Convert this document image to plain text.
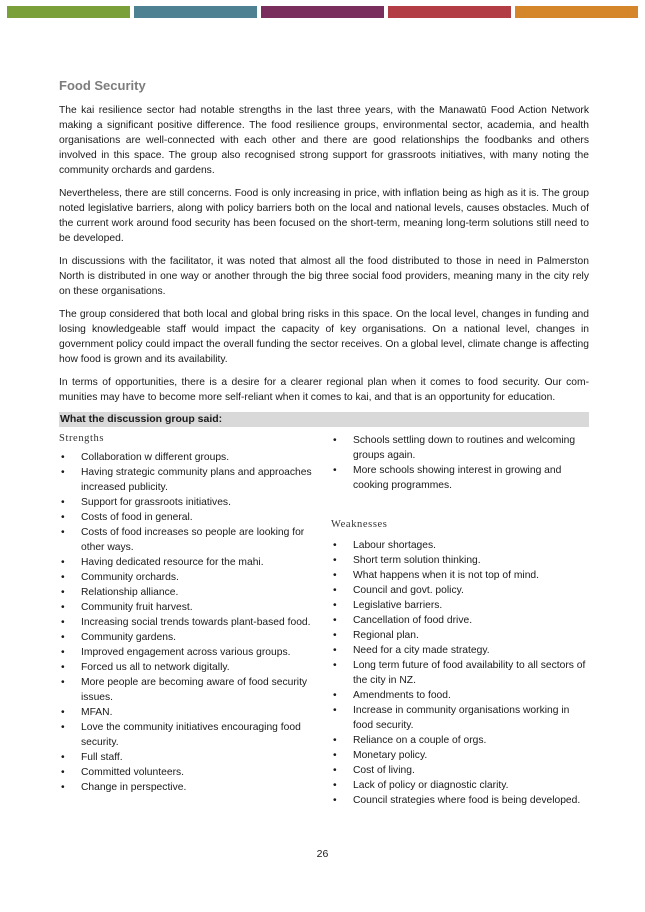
Food Security

The kai resilience sector had notable strengths in the last three years, with the Manawatū Food Action Network making a significant positive difference. The food resilience groups, environmental sector, academia, and health organisations are well-connected with each other and there are good relationships the foodbanks and others involved in this space. The group also recognised strong support for grassroots initiatives, with many noting the community orchards and gardens.

Nevertheless, there are still concerns. Food is only increasing in price, with inflation being as high as it is. The group noted legislative barriers, along with policy barriers both on the local and national levels, causes obstacles. Much of the current work around food security has been focused on the short-term, meaning long-term solutions still need to be developed.

In discussions with the facilitator, it was noted that almost all the food distributed to those in need in Palmerston North is distributed in one way or another through the big three social food providers, meaning many in the city rely on these organisations.

The group considered that both local and global bring risks in this space. On the local level, changes in funding and losing knowledgeable staff would impact the capacity of key organisations. On a national level, changes in government policy could impact the overall funding the sector receives. On a global level, climate change is affecting how food is grown and its availability.

In terms of opportunities, there is a desire for a clearer regional plan when it comes to food security. Our communities may have to become more self-reliant when it comes to kai, and that is an opportunity for education.

What the discussion group said:

Strengths

• Collaboration w different groups.
• Having strategic community plans and approaches increased publicity.
• Support for grassroots initiatives.
• Costs of food in general.
• Costs of food increases so people are looking for other ways.
• Having dedicated resource for the mahi.
• Community orchards.
• Relationship alliance.
• Community fruit harvest.
• Increasing social trends towards plant-based food.
• Community gardens.
• Improved engagement across various groups.
• Forced us all to network digitally.
• More people are becoming aware of food security issues.
• MFAN.
• Love the community initiatives encouraging food security.
• Full staff.
• Committed volunteers.
• Change in perspective.
• Schools settling down to routines and welcoming groups again.
• More schools showing interest in growing and cooking programmes.

Weaknesses

• Labour shortages.
• Short term solution thinking.
• What happens when it is not top of mind.
• Council and govt. policy.
• Legislative barriers.
• Cancellation of food drive.
• Regional plan.
• Need for a city made strategy.
• Long term future of food availability to all sectors of the city in NZ.
• Amendments to food.
• Increase in community organisations working in food security.
• Reliance on a couple of orgs.
• Monetary policy.
• Cost of living.
• Lack of policy or diagnostic clarity.
• Council strategies where food is being developed.
26
